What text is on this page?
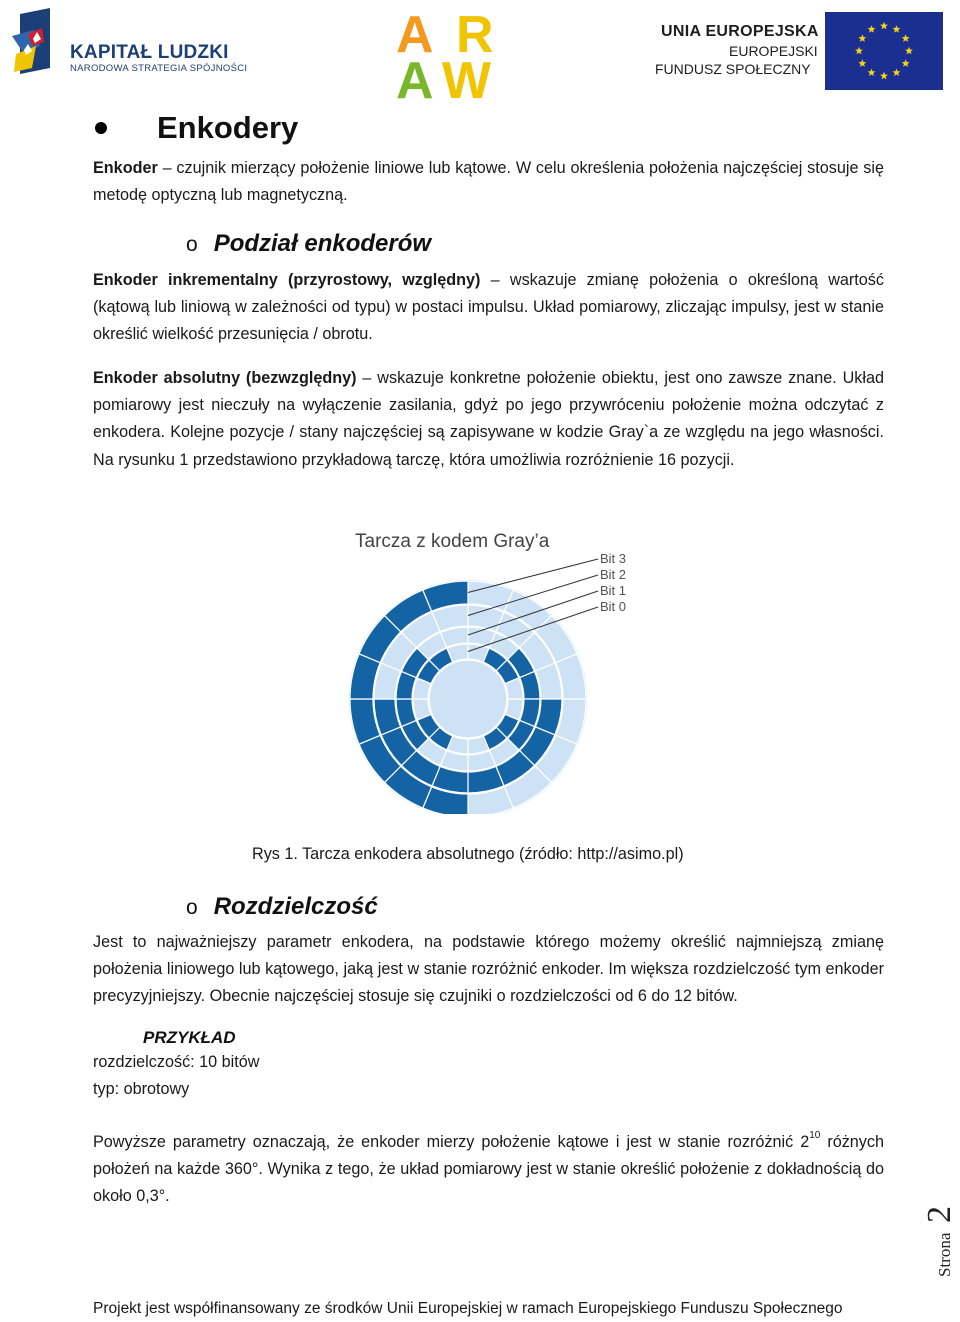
KAPITAŁ LUDZKI
NARODOWA STRATEGIA SPÓJNOŚCI
A R
A W
UNIA EUROPEJSKA
EUROPEJSKI
FUNDUSZ SPOŁECZNY
Enkodery
Enkoder – czujnik mierzący położenie liniowe lub kątowe. W celu określenia położenia najczęściej stosuje się metodę optyczną lub magnetyczną.
o Podział enkoderów
Enkoder inkrementalny (przyrostowy, względny) – wskazuje zmianę położenia o określoną wartość (kątową lub liniową w zależności od typu) w postaci impulsu. Układ pomiarowy, zliczając impulsy, jest w stanie określić wielkość przesunięcia / obrotu.
Enkoder absolutny (bezwzględny) – wskazuje konkretne położenie obiektu, jest ono zawsze znane. Układ pomiarowy jest nieczuły na wyłączenie zasilania, gdyż po jego przywróceniu położenie można odczytać z enkodera. Kolejne pozycje / stany najczęściej są zapisywane w kodzie Gray`a ze względu na jego własności. Na rysunku 1 przedstawiono przykładową tarczę, która umożliwia rozróżnienie 16 pozycji.
Tarcza z kodem Gray’a
Bit 3
Bit 2
Bit 1
Bit 0
Rys 1. Tarcza enkodera absolutnego (źródło: http://asimo.pl)
o Rozdzielczość
Jest to najważniejszy parametr enkodera, na podstawie którego możemy określić najmniejszą zmianę położenia liniowego lub kątowego, jaką jest w stanie rozróżnić enkoder. Im większa rozdzielczość tym enkoder precyzyjniejszy. Obecnie najczęściej stosuje się czujniki o rozdzielczości od 6 do 12 bitów.
PRZYKŁAD
rozdzielczość: 10 bitów
typ: obrotowy
Powyższe parametry oznaczają, że enkoder mierzy położenie kątowe i jest w stanie rozróżnić $2^{10}$ różnych położeń na każde 360°. Wynika z tego, że układ pomiarowy jest w stanie określić położenie z dokładnością do około 0,3°.
Strona
2
Projekt jest współfinansowany ze środków Unii Europejskiej w ramach Europejskiego Funduszu Społecznego
